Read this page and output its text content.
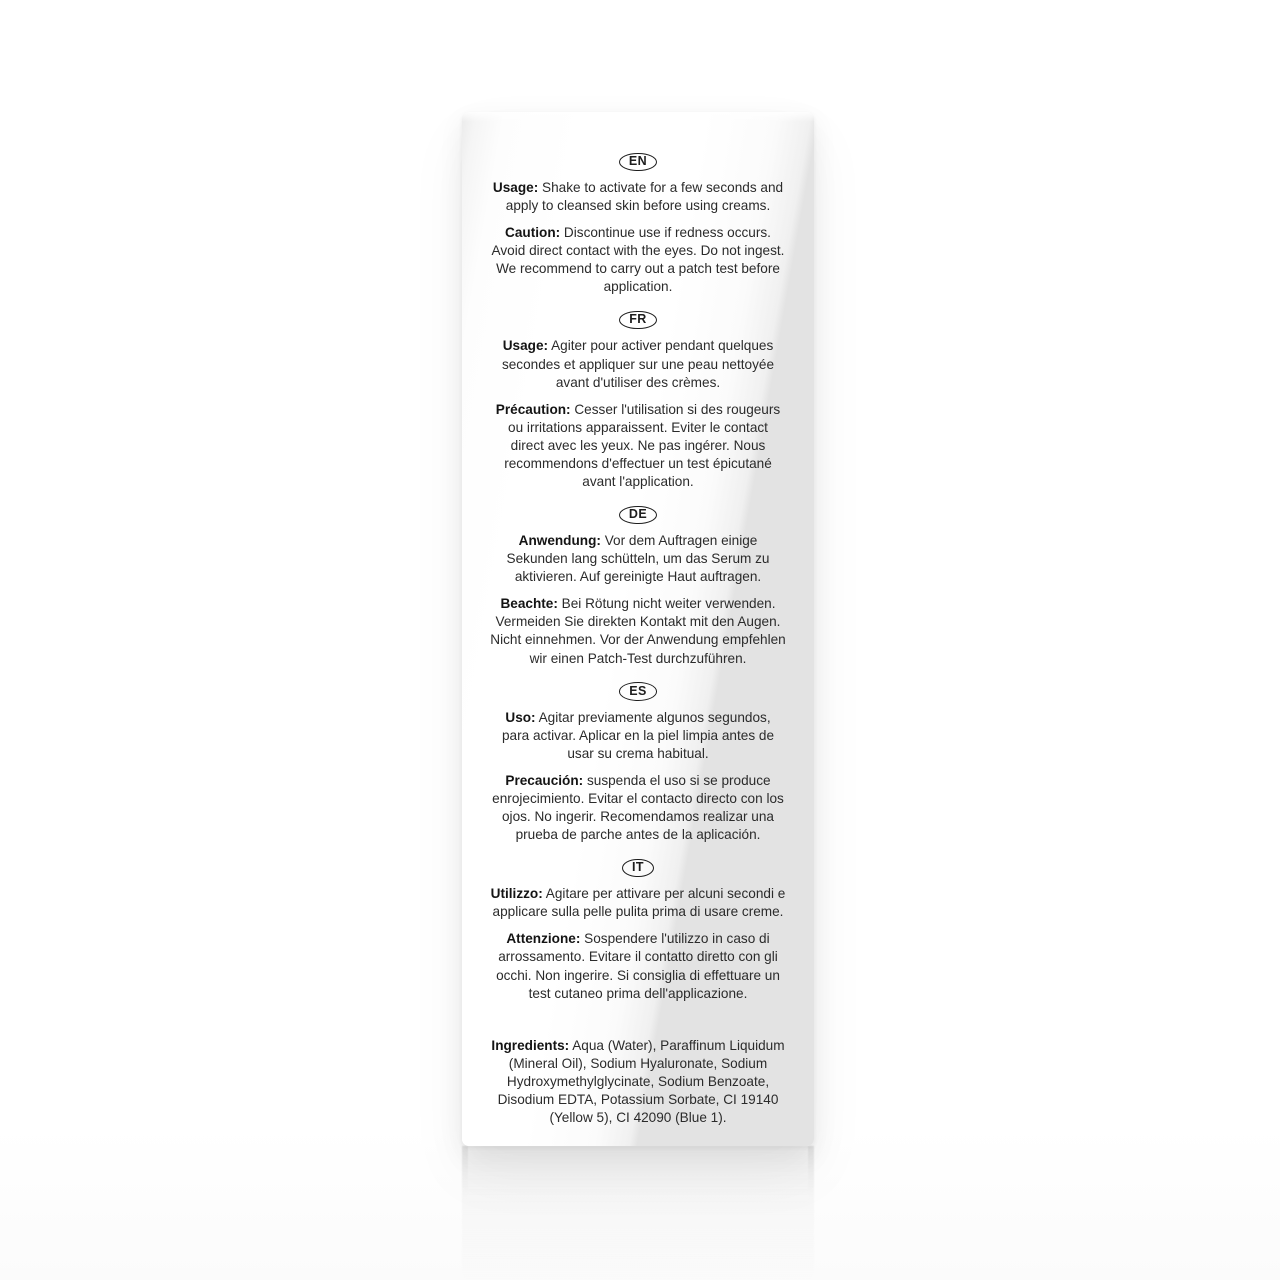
EN

Usage: Shake to activate for a few seconds and apply to cleansed skin before using creams.

Caution: Discontinue use if redness occurs. Avoid direct contact with the eyes. Do not ingest. We recommend to carry out a patch test before application.

FR

Usage: Agiter pour activer pendant quelques secondes et appliquer sur une peau nettoyée avant d'utiliser des crèmes.

Précaution: Cesser l'utilisation si des rougeurs ou irritations apparaissent. Eviter le contact direct avec les yeux. Ne pas ingérer. Nous recommendons d'effectuer un test épicutané avant l'application.

DE

Anwendung: Vor dem Auftragen einige Sekunden lang schütteln, um das Serum zu aktivieren. Auf gereinigte Haut auftragen.

Beachte: Bei Rötung nicht weiter verwenden. Vermeiden Sie direkten Kontakt mit den Augen. Nicht einnehmen. Vor der Anwendung empfehlen wir einen Patch-Test durchzuführen.

ES

Uso: Agitar previamente algunos segundos, para activar. Aplicar en la piel limpia antes de usar su crema habitual.

Precaución: suspenda el uso si se produce enrojecimiento. Evitar el contacto directo con los ojos. No ingerir. Recomendamos realizar una prueba de parche antes de la aplicación.

IT

Utilizzo: Agitare per attivare per alcuni secondi e applicare sulla pelle pulita prima di usare creme.

Attenzione: Sospendere l'utilizzo in caso di arrossamento. Evitare il contatto diretto con gli occhi. Non ingerire. Si consiglia di effettuare un test cutaneo prima dell'applicazione.

Ingredients: Aqua (Water), Paraffinum Liquidum (Mineral Oil), Sodium Hyaluronate, Sodium Hydroxymethylglycinate, Sodium Benzoate, Disodium EDTA, Potassium Sorbate, CI 19140 (Yellow 5), CI 42090 (Blue 1).
